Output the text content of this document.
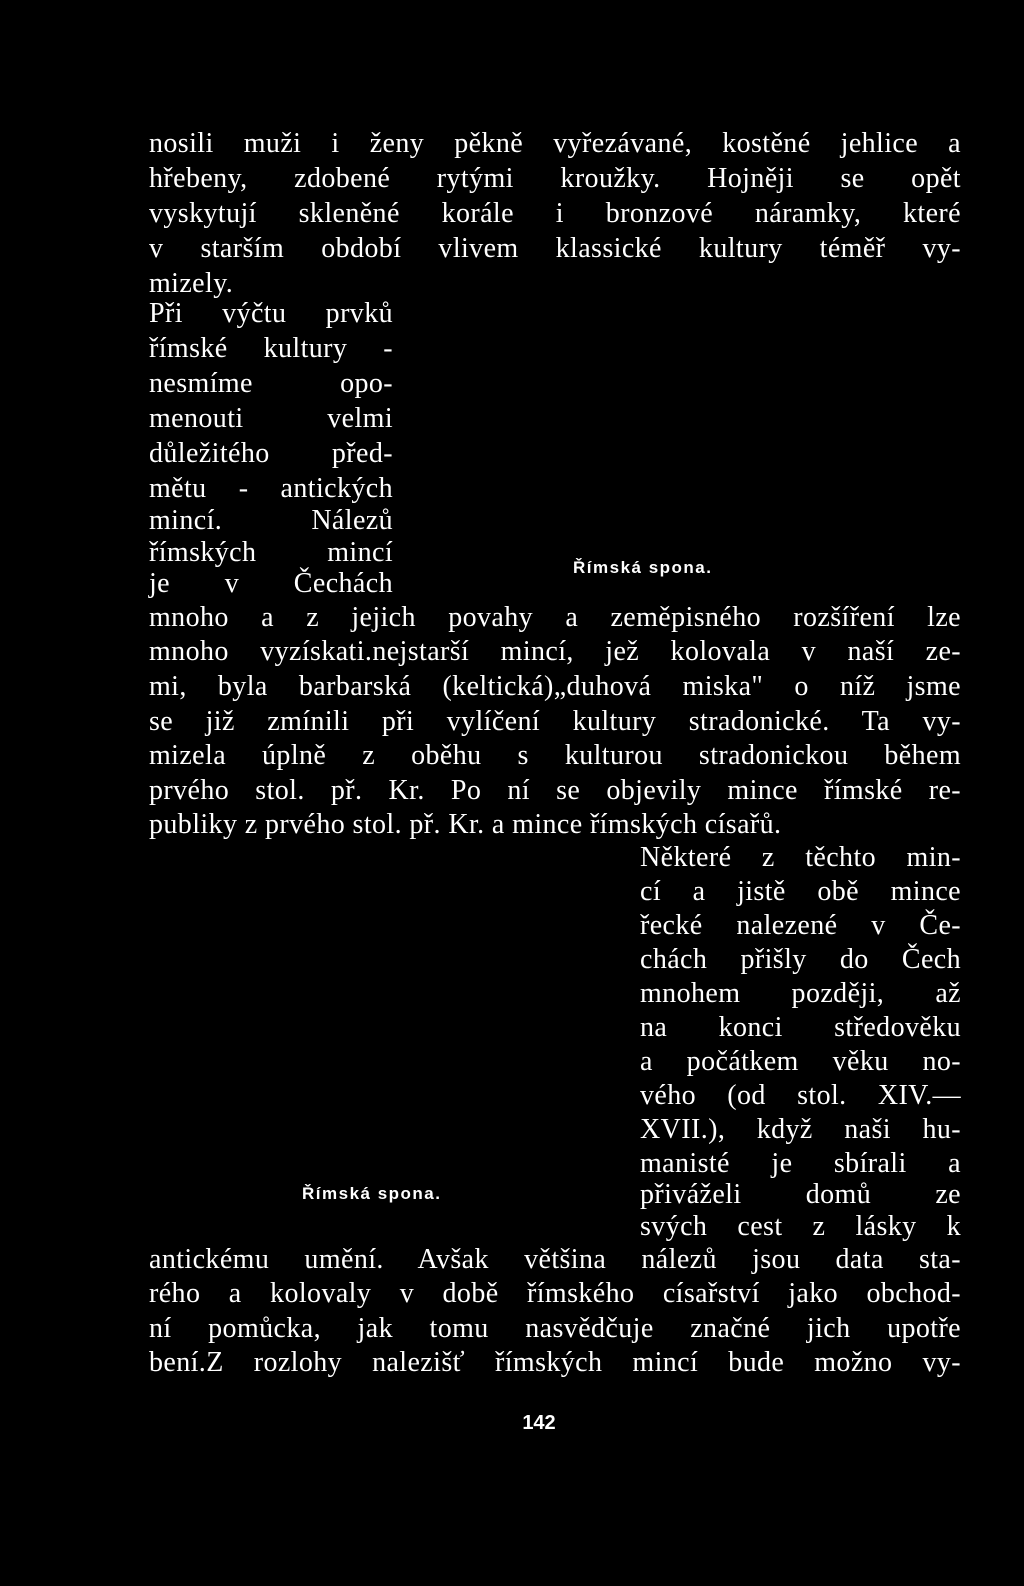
nosili muži i ženy pěkně vyřezávané, kostěné jehlice a
hřebeny, zdobené rytými kroužky. Hojněji se opět
vyskytují skleněné korále i bronzové náramky, které
v starším období vlivem klassické kultury téměř vy-
mizely.
Při výčtu prvků
římské kultury -
nesmíme opo-
menouti velmi
důležitého před-
mětu - antických
mincí. Nálezů
římských mincí
je v Čechách
Římská spona.
mnoho a z jejich povahy a zeměpisného rozšíření lze
mnoho vyzískati.nejstarší mincí, jež kolovala v naší ze-
mi, byla barbarská (keltická)„duhová miska" o níž jsme
se již zmínili při vylíčení kultury stradonické. Ta vy-
mizela úplně z oběhu s kulturou stradonickou během
prvého stol. př. Kr. Po ní se objevily mince římské re-
publiky z prvého stol. př. Kr. a mince římských císařů.
Některé z těchto min-
cí a jistě obě mince
řecké nalezené v Če-
chách přišly do Čech
mnohem později, až
na konci středověku
a počátkem věku no-
vého (od stol. XIV.—
XVII.), když naši hu-
manisté je sbírali a
přiváželi domů ze
svých cest z lásky k
Římská spona.
antickému umění. Avšak většina nálezů jsou data sta-
rého a kolovaly v době římského císařství jako obchod-
ní pomůcka, jak tomu nasvědčuje značné jich upotře
bení.Z rozlohy nalezišť římských mincí bude možno vy-
142
